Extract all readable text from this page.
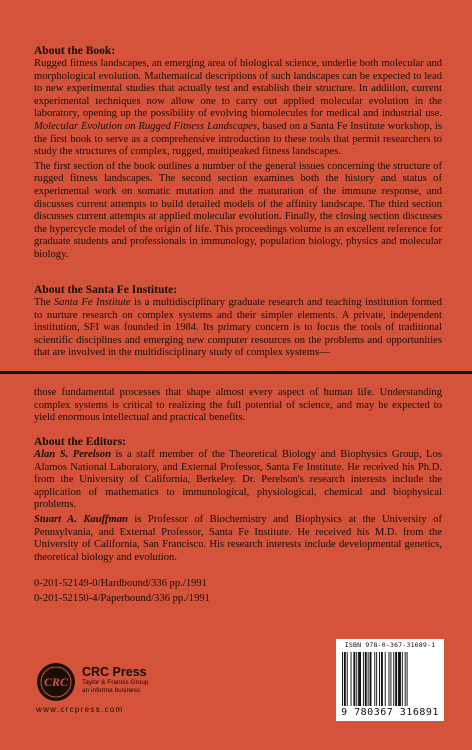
About the Book:

Rugged fitness landscapes, an emerging area of biological science, underlie both molecular and morphological evolution. Mathematical descriptions of such landscapes can be expected to lead to new experimental studies that actually test and establish their structure. In addition, current experimental techniques now allow one to carry out applied molecular evolution in the laboratory, opening up the possibility of evolving biomolecules for medical and industrial use. Molecular Evolution on Rugged Fitness Landscapes, based on a Santa Fe Institute workshop, is the first book to serve as a comprehensive introduction to these tools that permit researchers to study the structures of complex, rugged, multipeaked fitness landscapes.

The first section of the book outlines a number of the general issues concerning the structure of rugged fitness landscapes. The second section examines both the history and status of experimental work on somatic mutation and the maturation of the immune response, and discusses current attempts to build detailed models of the affinity landscape. The third section discusses current attempts at applied molecular evolution. Finally, the closing section discusses the hypercycle model of the origin of life. This proceedings volume is an excellent reference for graduate students and professionals in immunology, population biology, physics and molecular biology.

About the Santa Fe Institute:

The Santa Fe Institute is a multidisciplinary graduate research and teaching institution formed to nurture research on complex systems and their simpler elements. A private, independent institution, SFI was founded in 1984. Its primary concern is to focus the tools of traditional scientific disciplines and emerging new computer resources on the problems and opportunities that are involved in the multidisciplinary study of complex systems—

those fundamental processes that shape almost every aspect of human life. Understanding complex systems is critical to realizing the full potential of science, and may be expected to yield enormous intellectual and practical benefits.

About the Editors:

Alan S. Perelson is a staff member of the Theoretical Biology and Biophysics Group, Los Alamos National Laboratory, and External Professor, Santa Fe Institute. He received his Ph.D. from the University of California, Berkeley. Dr. Perelson's research interests include the application of mathematics to immunological, physiological, chemical and biophysical problems.

Stuart A. Kauffman is Professor of Biochemistry and Biophysics at the University of Pennsylvania, and External Professor, Santa Fe Institute. He received his M.D. from the University of California, San Francisco. His research interests include developmental genetics, theoretical biology and evolution.

0-201-52149-0/Hardbound/336 pp./1991

0-201-52150-4/Paperbound/336 pp./1991

CRC
CRC Press
Taylor & Francis Group
an informa business
www.crcpress.com
ISBN 978-0-367-31689-1
9 780367 316891
